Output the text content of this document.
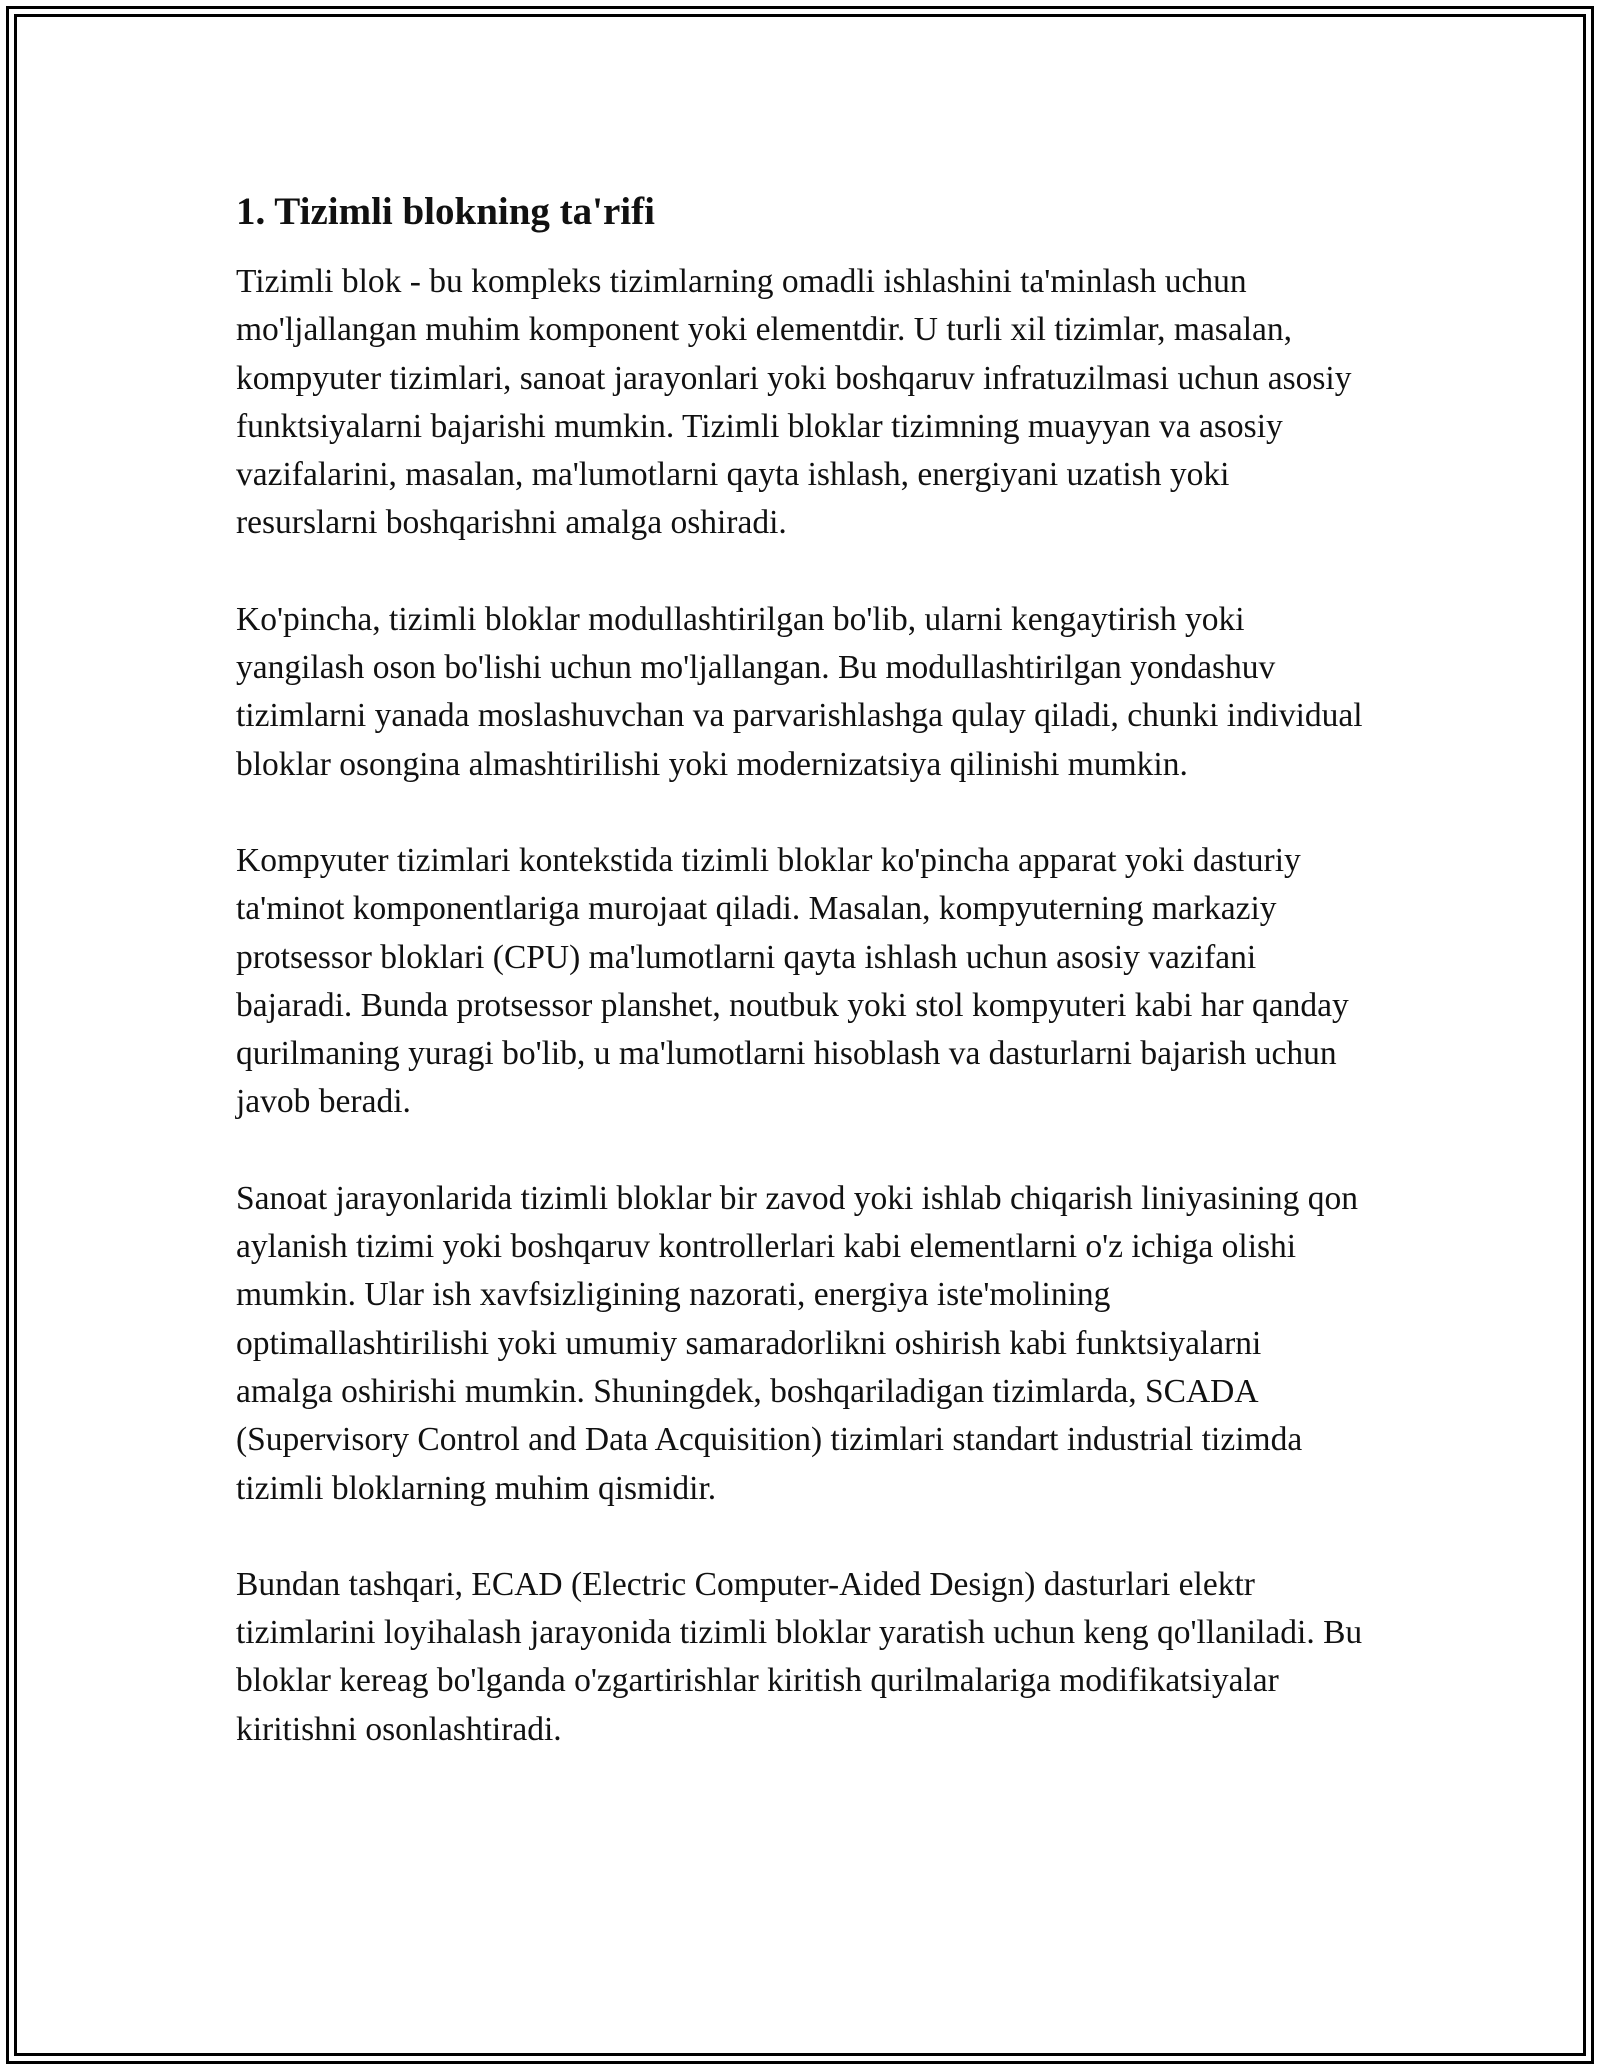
1. Tizimli blokning ta'rifi

Tizimli blok - bu kompleks tizimlarning omadli ishlashini ta'minlash uchun mo'ljallangan muhim komponent yoki elementdir. U turli xil tizimlar, masalan, kompyuter tizimlari, sanoat jarayonlari yoki boshqaruv infratuzilmasi uchun asosiy funktsiyalarni bajarishi mumkin. Tizimli bloklar tizimning muayyan va asosiy vazifalarini, masalan, ma'lumotlarni qayta ishlash, energiyani uzatish yoki resurslarni boshqarishni amalga oshiradi.

Ko'pincha, tizimli bloklar modullashtirilgan bo'lib, ularni kengaytirish yoki yangilash oson bo'lishi uchun mo'ljallangan. Bu modullashtirilgan yondashuv tizimlarni yanada moslashuvchan va parvarishlashga qulay qiladi, chunki individual bloklar osongina almashtirilishi yoki modernizatsiya qilinishi mumkin.

Kompyuter tizimlari kontekstida tizimli bloklar ko'pincha apparat yoki dasturiy ta'minot komponentlariga murojaat qiladi. Masalan, kompyuterning markaziy protsessor bloklari (CPU) ma'lumotlarni qayta ishlash uchun asosiy vazifani bajaradi. Bunda protsessor planshet, noutbuk yoki stol kompyuteri kabi har qanday qurilmaning yuragi bo'lib, u ma'lumotlarni hisoblash va dasturlarni bajarish uchun javob beradi.

Sanoat jarayonlarida tizimli bloklar bir zavod yoki ishlab chiqarish liniyasining qon aylanish tizimi yoki boshqaruv kontrollerlari kabi elementlarni o'z ichiga olishi mumkin. Ular ish xavfsizligining nazorati, energiya iste'molining optimallashtirilishi yoki umumiy samaradorlikni oshirish kabi funktsiyalarni amalga oshirishi mumkin. Shuningdek, boshqariladigan tizimlarda, SCADA (Supervisory Control and Data Acquisition) tizimlari standart industrial tizimda tizimli bloklarning muhim qismidir.

Bundan tashqari, ECAD (Electric Computer-Aided Design) dasturlari elektr tizimlarini loyihalash jarayonida tizimli bloklar yaratish uchun keng qo'llaniladi. Bu bloklar kereag bo'lganda o'zgartirishlar kiritish qurilmalariga modifikatsiyalar kiritishni osonlashtiradi.
